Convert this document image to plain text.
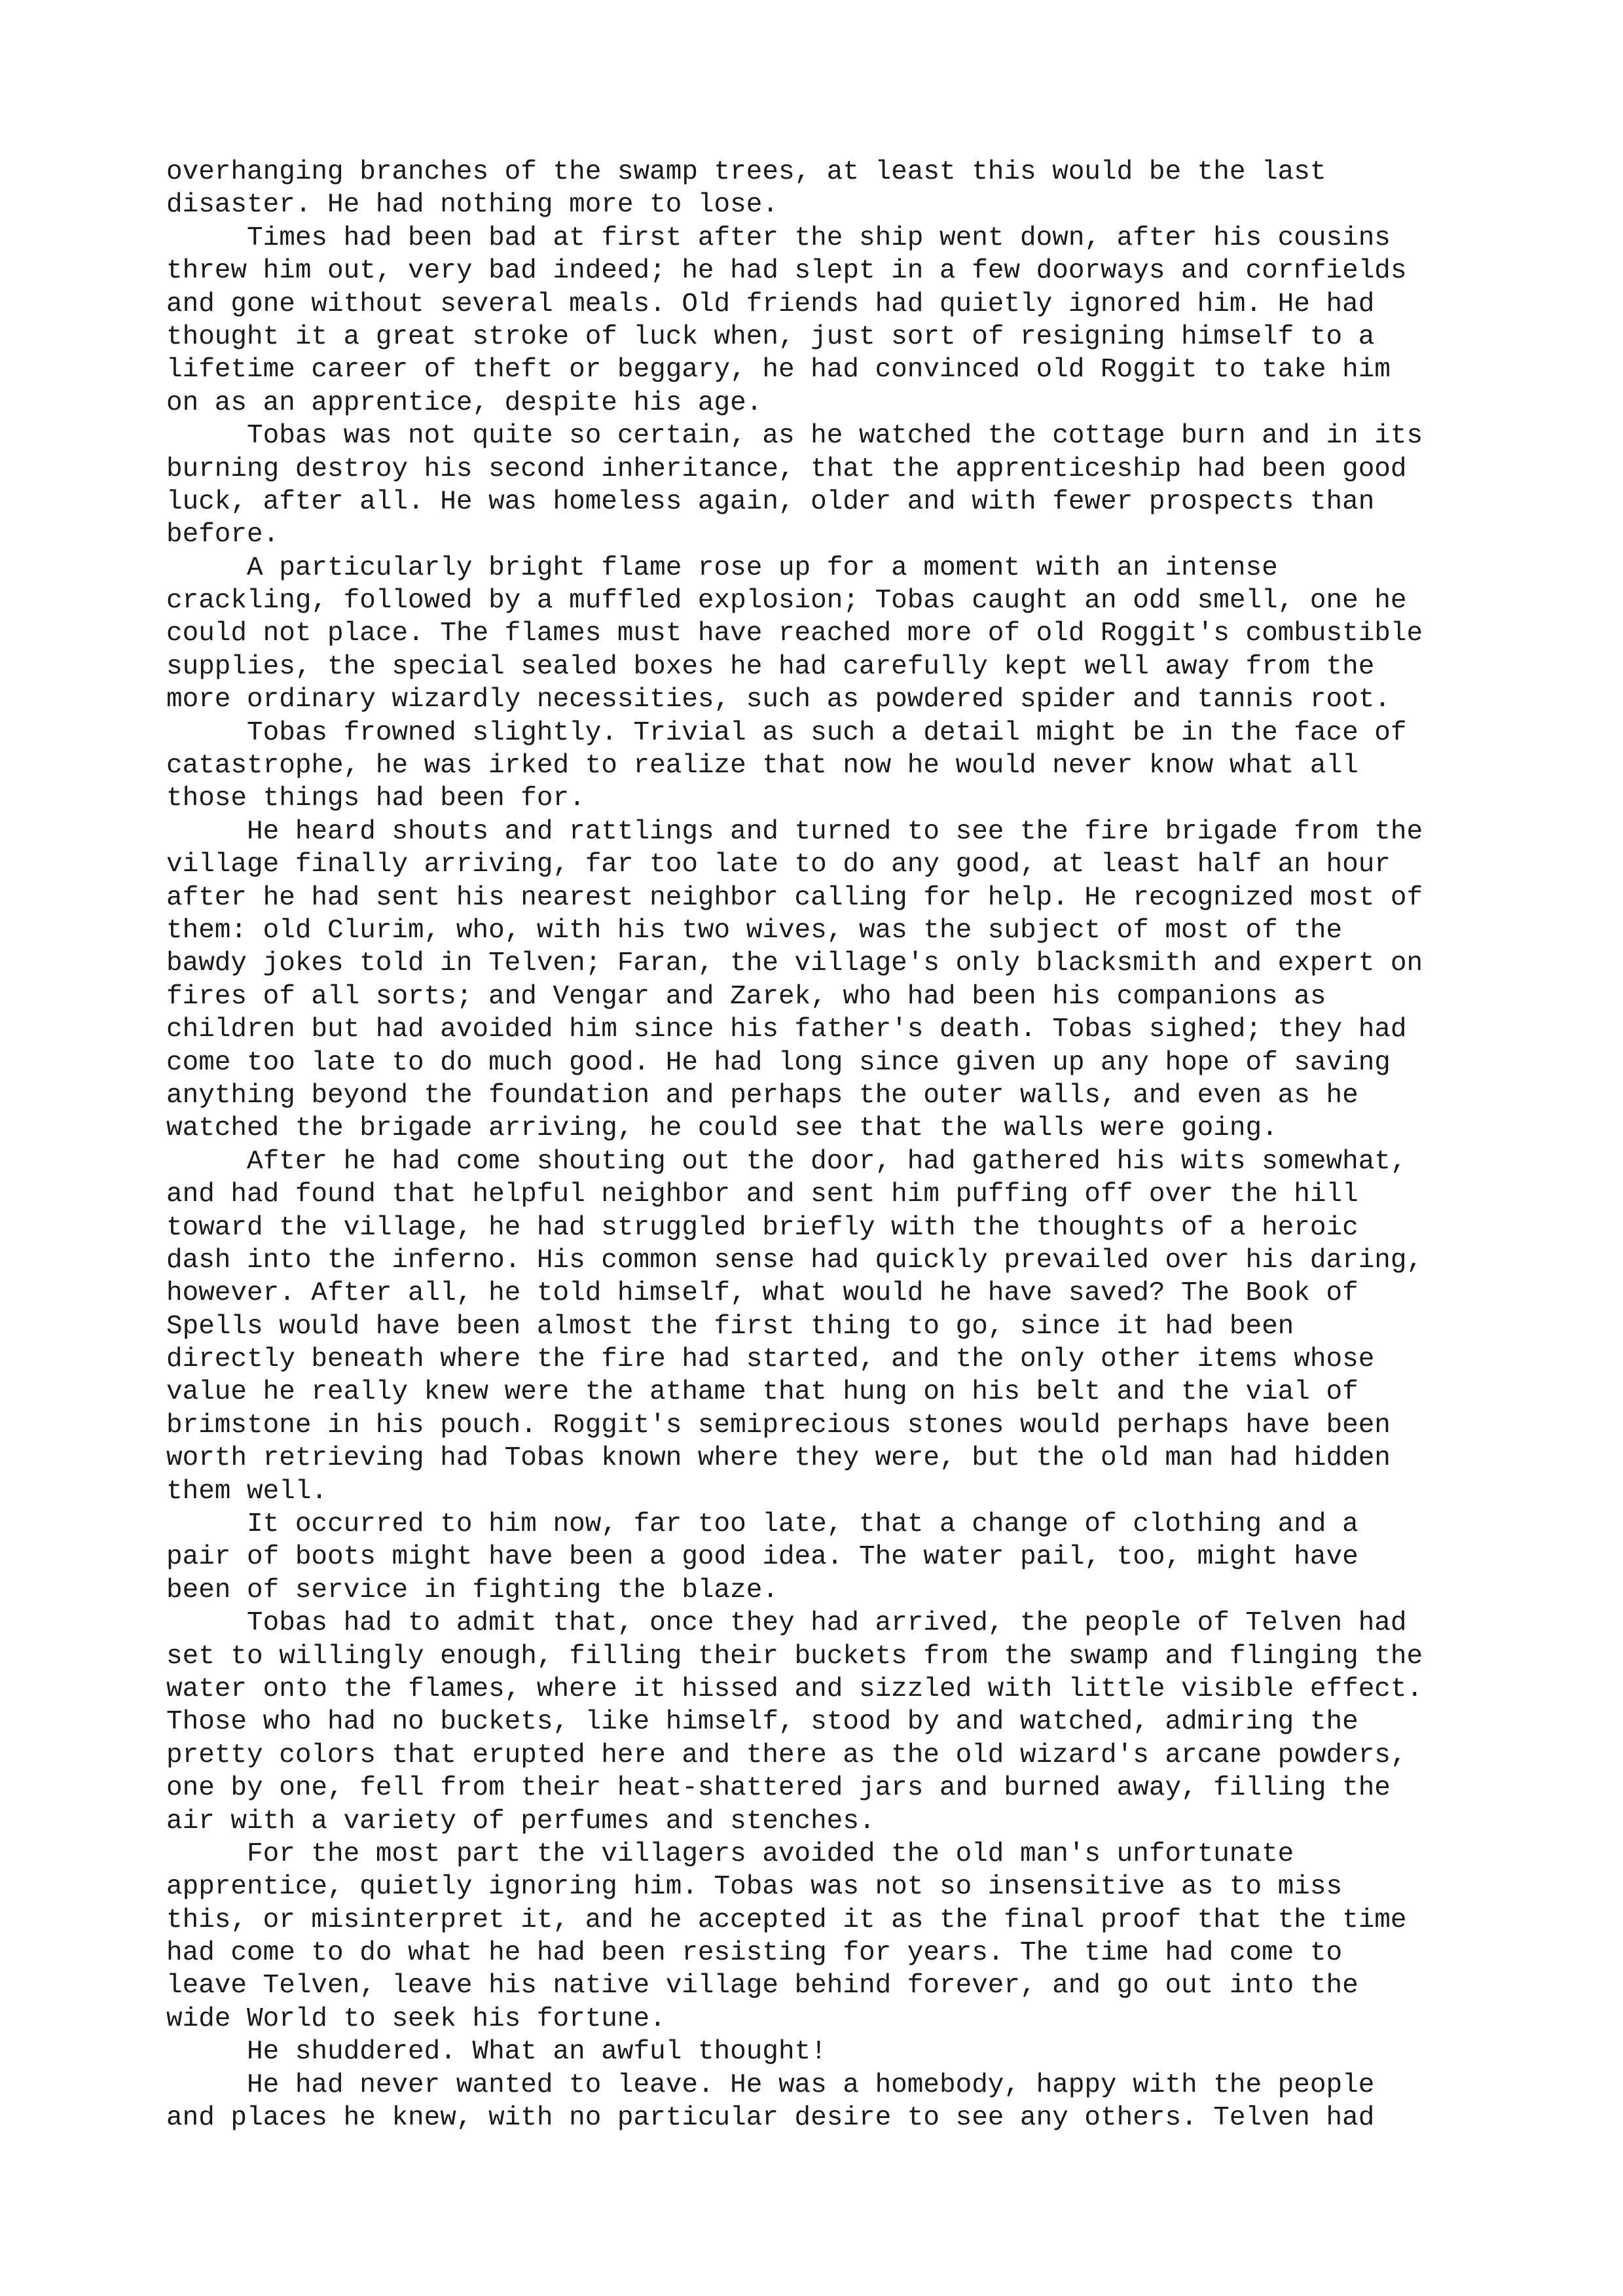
overhanging branches of the swamp trees, at least this would be the last
disaster. He had nothing more to lose.
Times had been bad at first after the ship went down, after his cousins
threw him out, very bad indeed; he had slept in a few doorways and cornfields
and gone without several meals. Old friends had quietly ignored him. He had
thought it a great stroke of luck when, just sort of resigning himself to a
lifetime career of theft or beggary, he had convinced old Roggit to take him
on as an apprentice, despite his age.
Tobas was not quite so certain, as he watched the cottage burn and in its
burning destroy his second inheritance, that the apprenticeship had been good
luck, after all. He was homeless again, older and with fewer prospects than
before.
A particularly bright flame rose up for a moment with an intense
crackling, followed by a muffled explosion; Tobas caught an odd smell, one he
could not place. The flames must have reached more of old Roggit's combustible
supplies, the special sealed boxes he had carefully kept well away from the
more ordinary wizardly necessities, such as powdered spider and tannis root.
Tobas frowned slightly. Trivial as such a detail might be in the face of
catastrophe, he was irked to realize that now he would never know what all
those things had been for.
He heard shouts and rattlings and turned to see the fire brigade from the
village finally arriving, far too late to do any good, at least half an hour
after he had sent his nearest neighbor calling for help. He recognized most of
them: old Clurim, who, with his two wives, was the subject of most of the
bawdy jokes told in Telven; Faran, the village's only blacksmith and expert on
fires of all sorts; and Vengar and Zarek, who had been his companions as
children but had avoided him since his father's death. Tobas sighed; they had
come too late to do much good. He had long since given up any hope of saving
anything beyond the foundation and perhaps the outer walls, and even as he
watched the brigade arriving, he could see that the walls were going.
After he had come shouting out the door, had gathered his wits somewhat,
and had found that helpful neighbor and sent him puffing off over the hill
toward the village, he had struggled briefly with the thoughts of a heroic
dash into the inferno. His common sense had quickly prevailed over his daring,
however. After all, he told himself, what would he have saved? The Book of
Spells would have been almost the first thing to go, since it had been
directly beneath where the fire had started, and the only other items whose
value he really knew were the athame that hung on his belt and the vial of
brimstone in his pouch. Roggit's semiprecious stones would perhaps have been
worth retrieving had Tobas known where they were, but the old man had hidden
them well.
It occurred to him now, far too late, that a change of clothing and a
pair of boots might have been a good idea. The water pail, too, might have
been of service in fighting the blaze.
Tobas had to admit that, once they had arrived, the people of Telven had
set to willingly enough, filling their buckets from the swamp and flinging the
water onto the flames, where it hissed and sizzled with little visible effect.
Those who had no buckets, like himself, stood by and watched, admiring the
pretty colors that erupted here and there as the old wizard's arcane powders,
one by one, fell from their heat-shattered jars and burned away, filling the
air with a variety of perfumes and stenches.
For the most part the villagers avoided the old man's unfortunate
apprentice, quietly ignoring him. Tobas was not so insensitive as to miss
this, or misinterpret it, and he accepted it as the final proof that the time
had come to do what he had been resisting for years. The time had come to
leave Telven, leave his native village behind forever, and go out into the
wide World to seek his fortune.
He shuddered. What an awful thought!
He had never wanted to leave. He was a homebody, happy with the people
and places he knew, with no particular desire to see any others. Telven had
